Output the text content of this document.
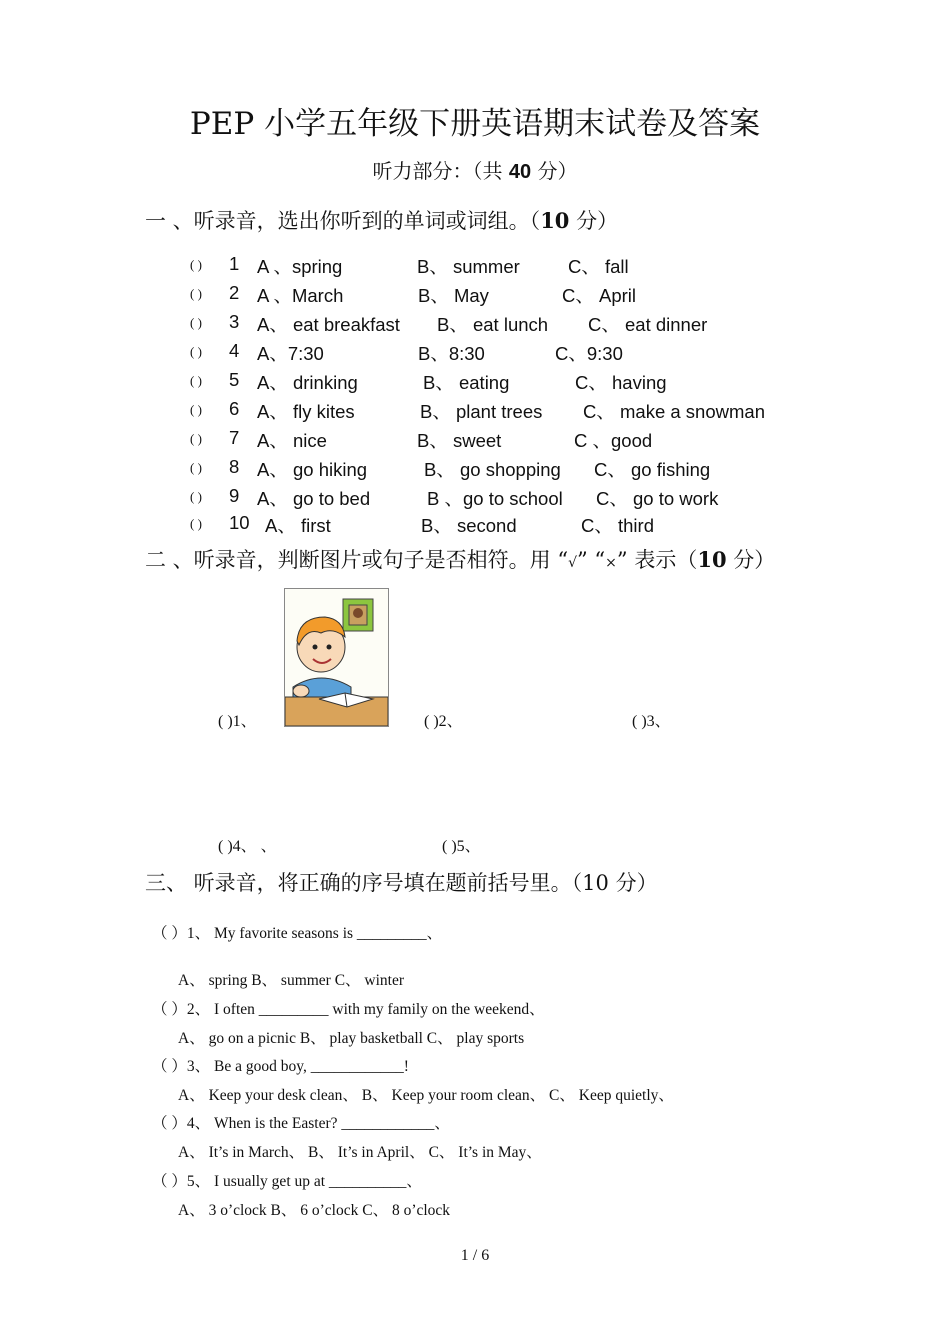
PEP 小学五年级下册英语期末试卷及答案
听力部分：（共 40 分）
一 、听录音，选出你听到的单词或词组。（10 分）
( ) 1 A 、spring	B、 summer	C、 fall
( ) 2 A 、March	B、 May	C、 April
( ) 3 A、 eat breakfast B、 eat lunch C、 eat dinner
( ) 4 A、7:30	B、8:30	C、9:30
( ) 5 A、 drinking	B、 eating	C、 having
( ) 6 A、 fly kites	B、 plant trees C、 make a snowman
( ) 7 A、 nice	B、 sweet	C 、good
( ) 8 A、 go hiking	B、 go shopping C、 go fishing
( ) 9 A、 go to bed	B 、go to school C、 go to work
( ) 10 A、 first	B、 second	C、 third
二 、听录音，判断图片或句子是否相符。用 “√” “×” 表示（10 分）
( )1、	( )2、	( )3、
( )4、 、	( )5、
三、 听录音，将正确的序号填在题前括号里。（10 分）
（ ）1、 My favorite seasons is _________、
A、 spring B、 summer C、 winter
（ ）2、 I often _________ with my family on the weekend、
A、 go on a picnic B、 play basketball C、 play sports
（ ）3、 Be a good boy, ____________!
A、 Keep your desk clean、 B、 Keep your room clean、 C、 Keep quietly、
（ ）4、 When is the Easter? ____________、
A、 It’s in March、 B、 It’s in April、 C、 It’s in May、
（ ）5、 I usually get up at __________、
A、 3 o’clock B、 6 o’clock C、 8 o’clock
1 / 6
